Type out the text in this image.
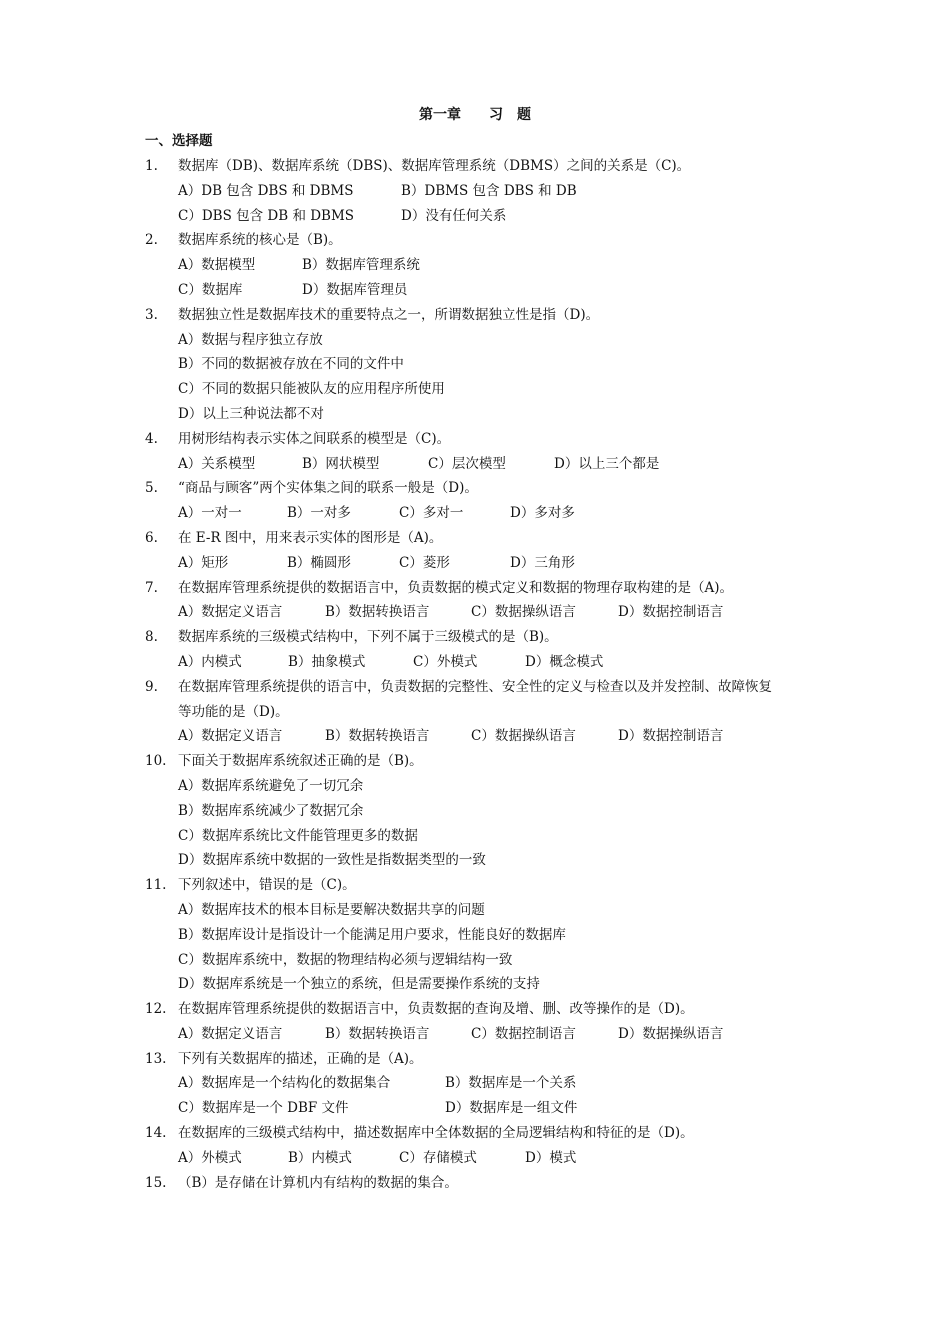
第一章　　习　题
一、选择题
1. 数据库（DB)、数据库系统（DBS)、数据库管理系统（DBMS）之间的关系是（C)。
A）DB 包含 DBS 和 DBMS	B）DBMS 包含 DBS 和 DB
C）DBS 包含 DB 和 DBMS	D）没有任何关系
2. 数据库系统的核心是（B)。
A）数据模型	B）数据库管理系统
C）数据库	D）数据库管理员
3. 数据独立性是数据库技术的重要特点之一，所谓数据独立性是指（D)。
A）数据与程序独立存放
B）不同的数据被存放在不同的文件中
C）不同的数据只能被队友的应用程序所使用
D）以上三种说法都不对
4. 用树形结构表示实体之间联系的模型是（C)。
A）关系模型	B）网状模型	C）层次模型	D）以上三个都是
5. “商品与顾客”两个实体集之间的联系一般是（D)。
A）一对一	B）一对多	C）多对一	D）多对多
6. 在 E-R 图中，用来表示实体的图形是（A)。
A）矩形	B）椭圆形	C）菱形	D）三角形
7. 在数据库管理系统提供的数据语言中，负责数据的模式定义和数据的物理存取构建的是（A)。
A）数据定义语言	B）数据转换语言	C）数据操纵语言	D）数据控制语言
8. 数据库系统的三级模式结构中，下列不属于三级模式的是（B)。
A）内模式	B）抽象模式	C）外模式	D）概念模式
9. 在数据库管理系统提供的语言中，负责数据的完整性、安全性的定义与检查以及并发控制、故障恢复
等功能的是（D)。
A）数据定义语言	B）数据转换语言	C）数据操纵语言	D）数据控制语言
10. 下面关于数据库系统叙述正确的是（B)。
A）数据库系统避免了一切冗余
B）数据库系统减少了数据冗余
C）数据库系统比文件能管理更多的数据
D）数据库系统中数据的一致性是指数据类型的一致
11. 下列叙述中，错误的是（C)。
A）数据库技术的根本目标是要解决数据共享的问题
B）数据库设计是指设计一个能满足用户要求，性能良好的数据库
C）数据库系统中，数据的物理结构必须与逻辑结构一致
D）数据库系统是一个独立的系统，但是需要操作系统的支持
12. 在数据库管理系统提供的数据语言中，负责数据的查询及增、删、改等操作的是（D)。
A）数据定义语言	B）数据转换语言	C）数据控制语言	D）数据操纵语言
13. 下列有关数据库的描述，正确的是（A)。
A）数据库是一个结构化的数据集合	B）数据库是一个关系
C）数据库是一个 DBF 文件	D）数据库是一组文件
14. 在数据库的三级模式结构中，描述数据库中全体数据的全局逻辑结构和特征的是（D)。
A）外模式	B）内模式	C）存储模式	D）模式
15. （B）是存储在计算机内有结构的数据的集合。
